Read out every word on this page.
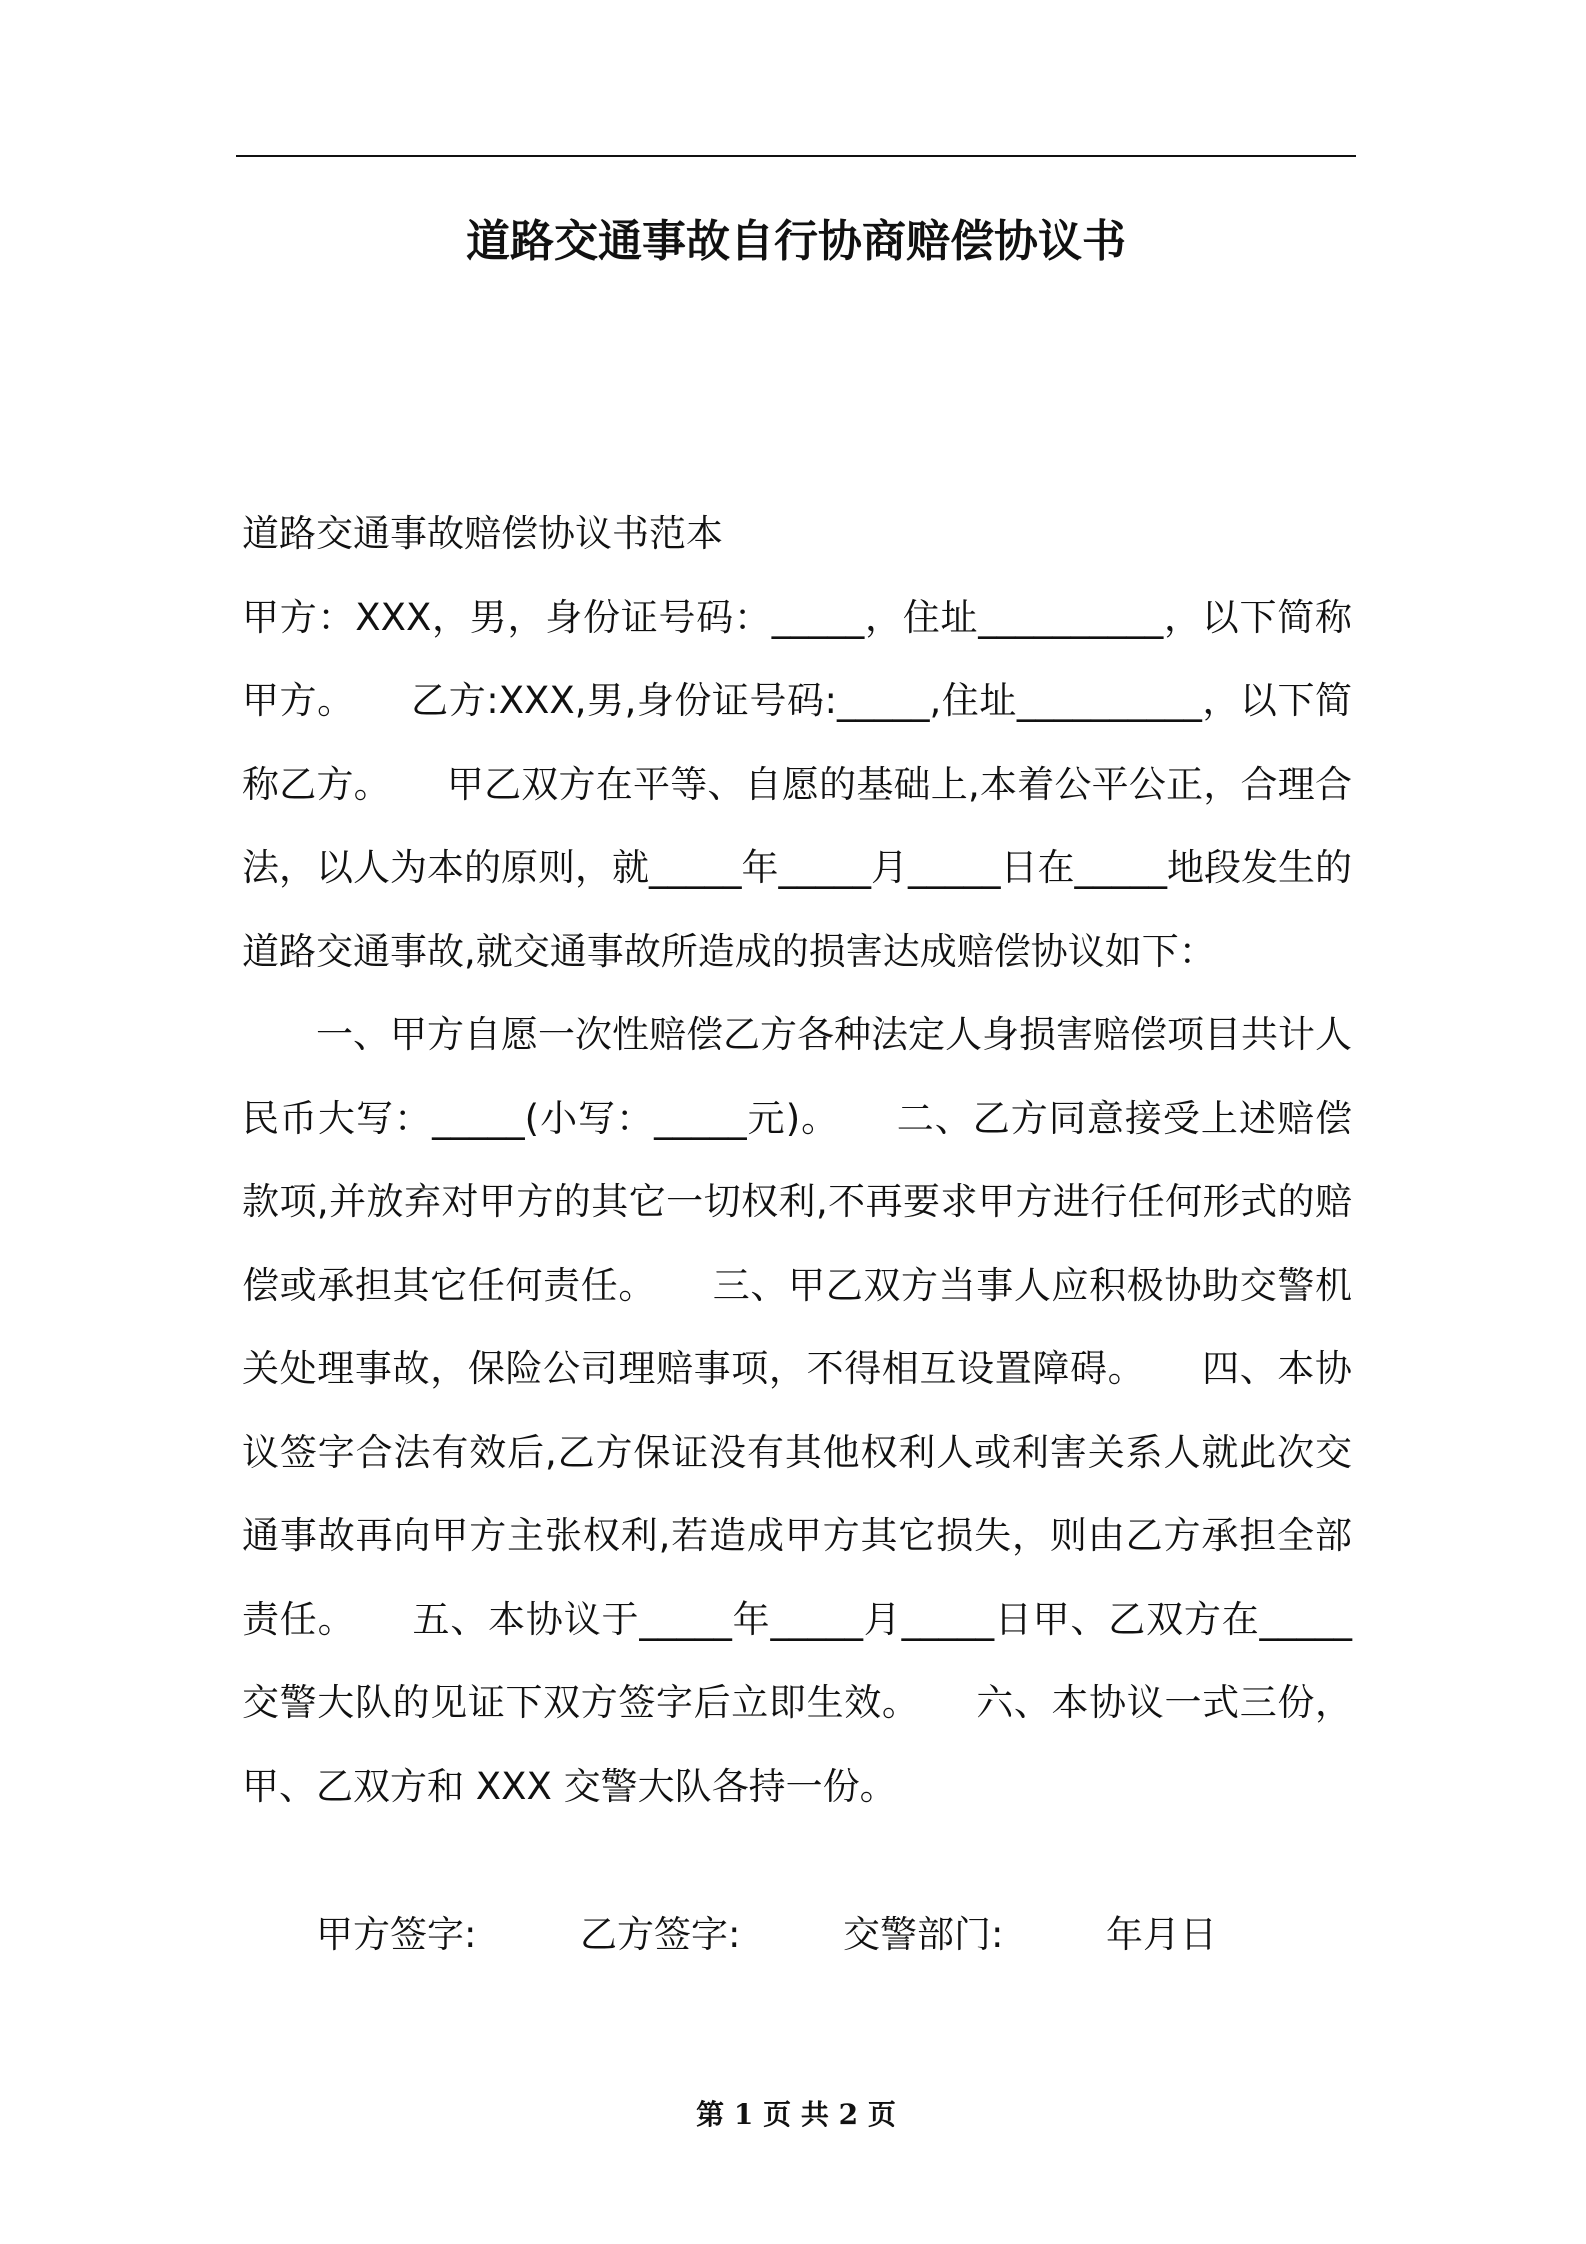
道路交通事故自行协商赔偿协议书

道路交通事故赔偿协议书范本

甲方：XXX，男，身份证号码：_____，住址__________，以下简称甲方。　　乙方:XXX,男,身份证号码:_____,住址__________，以下简称乙方。　　甲乙双方在平等、自愿的基础上,本着公平公正，合理合法，以人为本的原则，就_____年_____月_____日在_____地段发生的道路交通事故,就交通事故所造成的损害达成赔偿协议如下：

一、甲方自愿一次性赔偿乙方各种法定人身损害赔偿项目共计人民币大写：_____(小写：_____元)。　　二、乙方同意接受上述赔偿款项,并放弃对甲方的其它一切权利,不再要求甲方进行任何形式的赔偿或承担其它任何责任。　　三、甲乙双方当事人应积极协助交警机关处理事故，保险公司理赔事项，不得相互设置障碍。　　四、本协议签字合法有效后,乙方保证没有其他权利人或利害关系人就此次交通事故再向甲方主张权利,若造成甲方其它损失，则由乙方承担全部责任。　　五、本协议于_____年_____月_____日甲、乙双方在_____交警大队的见证下双方签字后立即生效。　　六、本协议一式三份，甲、乙双方和 XXX 交警大队各持一份。

甲方签字:	乙方签字:	交警部门:	年月日
第 1 页 共 2 页
